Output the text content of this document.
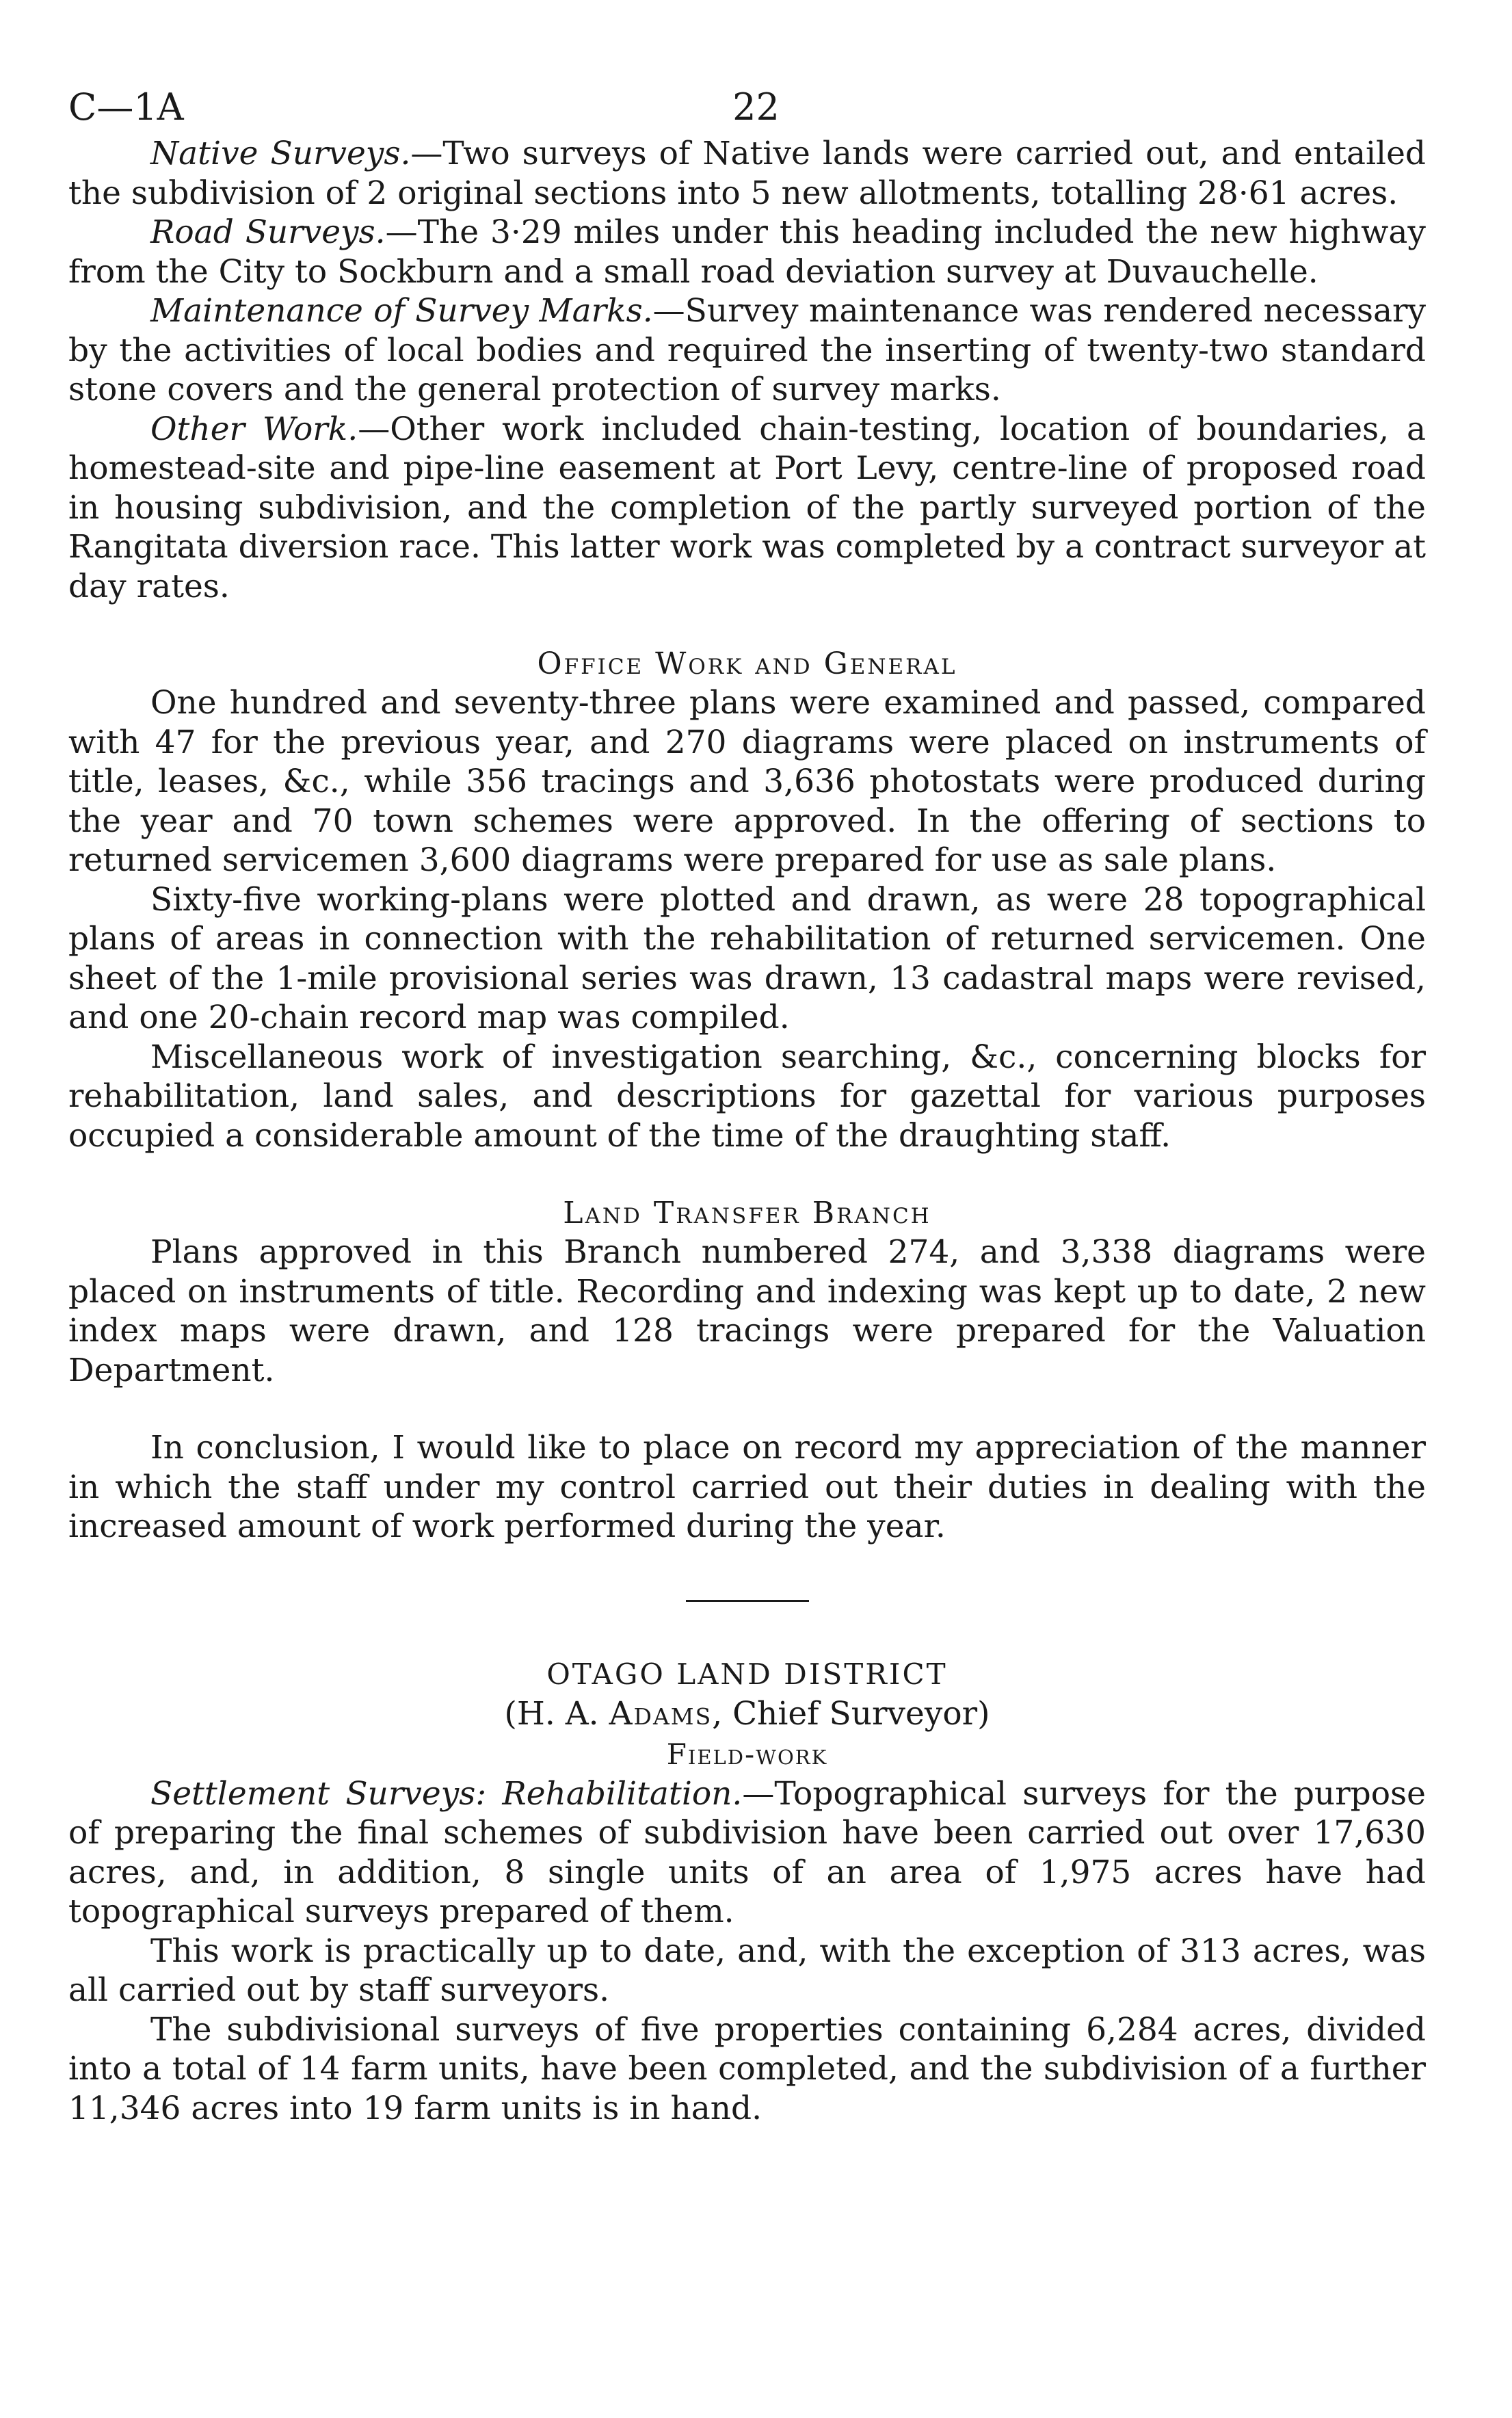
C—1A	22

Native Surveys.—Two surveys of Native lands were carried out, and entailed the subdivision of 2 original sections into 5 new allotments, totalling 28·61 acres.

Road Surveys.—The 3·29 miles under this heading included the new highway from the City to Sockburn and a small road deviation survey at Duvauchelle.

Maintenance of Survey Marks.—Survey maintenance was rendered necessary by the activities of local bodies and required the inserting of twenty-two standard stone covers and the general protection of survey marks.

Other Work.—Other work included chain-testing, location of boundaries, a homestead-site and pipe-line easement at Port Levy, centre-line of proposed road in housing subdivision, and the completion of the partly surveyed portion of the Rangitata diversion race. This latter work was completed by a contract surveyor at day rates.

Office Work and General

One hundred and seventy-three plans were examined and passed, compared with 47 for the previous year, and 270 diagrams were placed on instruments of title, leases, &c., while 356 tracings and 3,636 photostats were produced during the year and 70 town schemes were approved. In the offering of sections to returned servicemen 3,600 diagrams were prepared for use as sale plans.

Sixty-five working-plans were plotted and drawn, as were 28 topographical plans of areas in connection with the rehabilitation of returned servicemen. One sheet of the 1-mile provisional series was drawn, 13 cadastral maps were revised, and one 20-chain record map was compiled.

Miscellaneous work of investigation searching, &c., concerning blocks for rehabilitation, land sales, and descriptions for gazettal for various purposes occupied a considerable amount of the time of the draughting staff.

Land Transfer Branch

Plans approved in this Branch numbered 274, and 3,338 diagrams were placed on instruments of title. Recording and indexing was kept up to date, 2 new index maps were drawn, and 128 tracings were prepared for the Valuation Department.

In conclusion, I would like to place on record my appreciation of the manner in which the staff under my control carried out their duties in dealing with the increased amount of work performed during the year.

OTAGO LAND DISTRICT
(H. A. Adams, Chief Surveyor)
Field-work

Settlement Surveys: Rehabilitation.—Topographical surveys for the purpose of preparing the final schemes of subdivision have been carried out over 17,630 acres, and, in addition, 8 single units of an area of 1,975 acres have had topographical surveys prepared of them.

This work is practically up to date, and, with the exception of 313 acres, was all carried out by staff surveyors.

The subdivisional surveys of five properties containing 6,284 acres, divided into a total of 14 farm units, have been completed, and the subdivision of a further 11,346 acres into 19 farm units is in hand.
